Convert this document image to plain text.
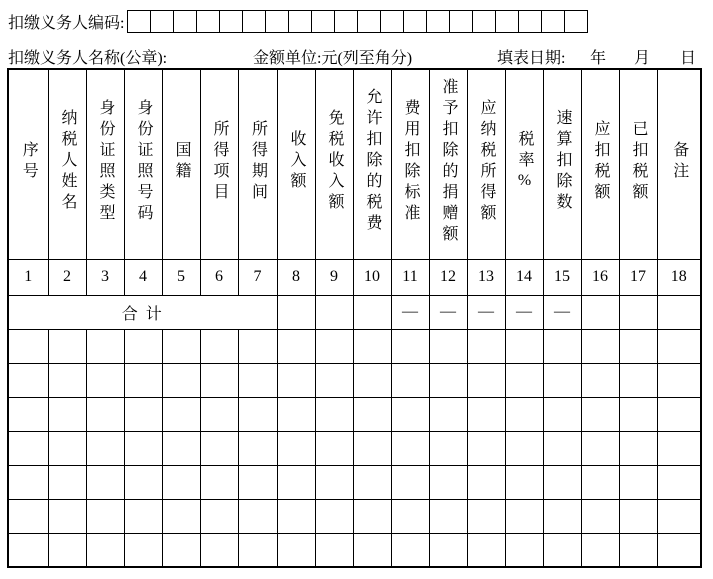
扣缴义务人编码:
扣缴义务人名称(公章):	金额单位:元(列至角分)	填表日期: 年 月 日
序号	纳税人姓名	身份证照类型	身份证照号码	国籍	所得项目	所得期间	收入额	免税收入额	允许扣除的税费	费用扣除标准	准予扣除的捐赠额	应纳税所得额	税率%	速算扣除数	应扣税额	已扣税额	备注
1	2	3	4	5	6	7	8	9	10	11	12	13	14	15	16	17	18
合 计										—	—	—	—	—			
